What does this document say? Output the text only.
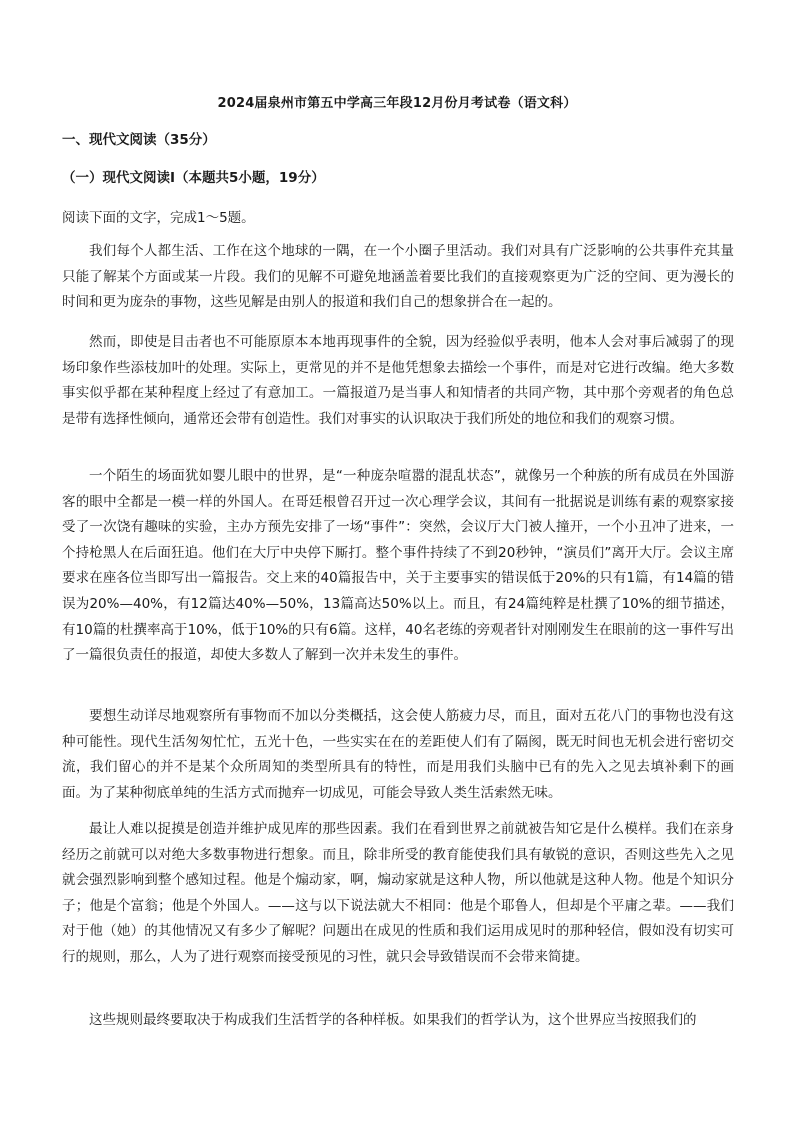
2024届泉州市第五中学高三年段12月份月考试卷（语文科）
一、现代文阅读（35分）
（一）现代文阅读Ⅰ（本题共5小题，19分）
阅读下面的文字，完成1～5题。

我们每个人都生活、工作在这个地球的一隅，在一个小圈子里活动。我们对具有广泛影响的公共事件充其量只能了解某个方面或某一片段。我们的见解不可避免地涵盖着要比我们的直接观察更为广泛的空间、更为漫长的时间和更为庞杂的事物，这些见解是由别人的报道和我们自己的想象拼合在一起的。

然而，即使是目击者也不可能原原本本地再现事件的全貌，因为经验似乎表明，他本人会对事后减弱了的现场印象作些添枝加叶的处理。实际上，更常见的并不是他凭想象去描绘一个事件，而是对它进行改编。绝大多数事实似乎都在某种程度上经过了有意加工。一篇报道乃是当事人和知情者的共同产物，其中那个旁观者的角色总是带有选择性倾向，通常还会带有创造性。我们对事实的认识取决于我们所处的地位和我们的观察习惯。

一个陌生的场面犹如婴儿眼中的世界，是“一种庞杂喧嚣的混乱状态”，就像另一个种族的所有成员在外国游客的眼中全都是一模一样的外国人。在哥廷根曾召开过一次心理学会议，其间有一批据说是训练有素的观察家接受了一次饶有趣味的实验，主办方预先安排了一场“事件”：突然，会议厅大门被人撞开，一个小丑冲了进来，一个持枪黑人在后面狂追。他们在大厅中央停下厮打。整个事件持续了不到20秒钟，“演员们”离开大厅。会议主席要求在座各位当即写出一篇报告。交上来的40篇报告中，关于主要事实的错误低于20%的只有1篇，有14篇的错误为20%—40%，有12篇达40%—50%，13篇高达50%以上。而且，有24篇纯粹是杜撰了10%的细节描述，有10篇的杜撰率高于10%，低于10%的只有6篇。这样，40名老练的旁观者针对刚刚发生在眼前的这一事件写出了一篇很负责任的报道，却使大多数人了解到一次并未发生的事件。

要想生动详尽地观察所有事物而不加以分类概括，这会使人筋疲力尽，而且，面对五花八门的事物也没有这种可能性。现代生活匆匆忙忙，五光十色，一些实实在在的差距使人们有了隔阂，既无时间也无机会进行密切交流，我们留心的并不是某个众所周知的类型所具有的特性，而是用我们头脑中已有的先入之见去填补剩下的画面。为了某种彻底单纯的生活方式而抛弃一切成见，可能会导致人类生活索然无味。

最让人难以捉摸是创造并维护成见库的那些因素。我们在看到世界之前就被告知它是什么模样。我们在亲身经历之前就可以对绝大多数事物进行想象。而且，除非所受的教育能使我们具有敏锐的意识，否则这些先入之见就会强烈影响到整个感知过程。他是个煽动家，啊，煽动家就是这种人物，所以他就是这种人物。他是个知识分子；他是个富翁；他是个外国人。——这与以下说法就大不相同：他是个耶鲁人，但却是个平庸之辈。——我们对于他（她）的其他情况又有多少了解呢？问题出在成见的性质和我们运用成见时的那种轻信，假如没有切实可行的规则，那么，人为了进行观察而接受预见的习性，就只会导致错误而不会带来简捷。

这些规则最终要取决于构成我们生活哲学的各种样板。如果我们的哲学认为，这个世界应当按照我们的
